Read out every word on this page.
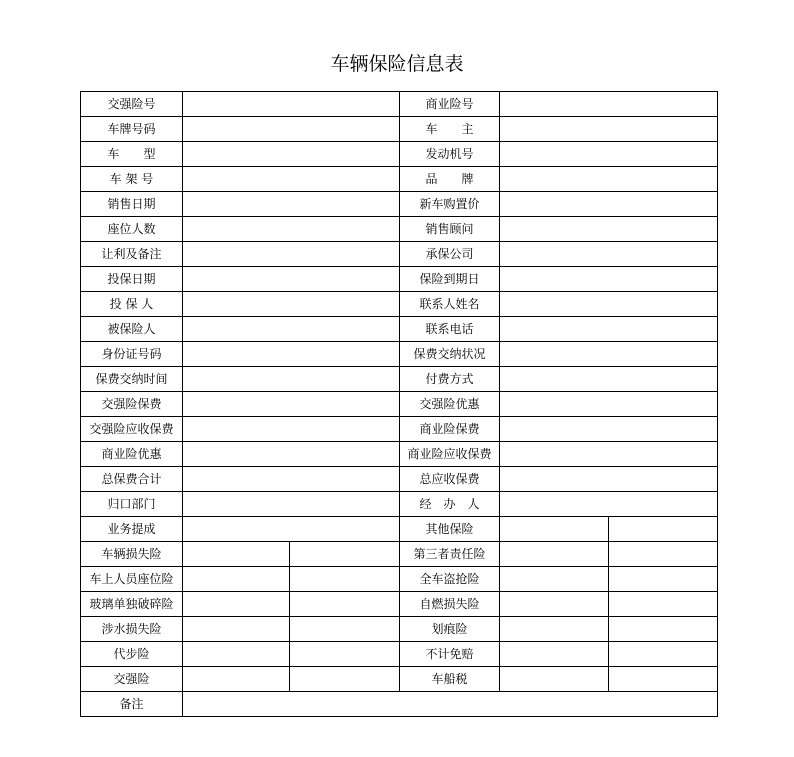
车辆保险信息表
交强险号			商业险号		
车牌号码			车　　主		
车　　型			发动机号		
车 架 号			品　　牌		
销售日期			新车购置价		
座位人数			销售顾问		
让利及备注			承保公司		
投保日期			保险到期日		
投 保 人			联系人姓名		
被保险人			联系电话		
身份证号码			保费交纳状况		
保费交纳时间			付费方式		
交强险保费			交强险优惠		
交强险应收保费			商业险保费		
商业险优惠			商业险应收保费		
总保费合计			总应收保费		
归口部门			经　办　人		
业务提成			其他保险		
车辆损失险			第三者责任险		
车上人员座位险			全车盗抢险		
玻璃单独破碎险			自燃损失险		
涉水损失险			划痕险		
代步险			不计免赔		
交强险			车船税		
备注					
